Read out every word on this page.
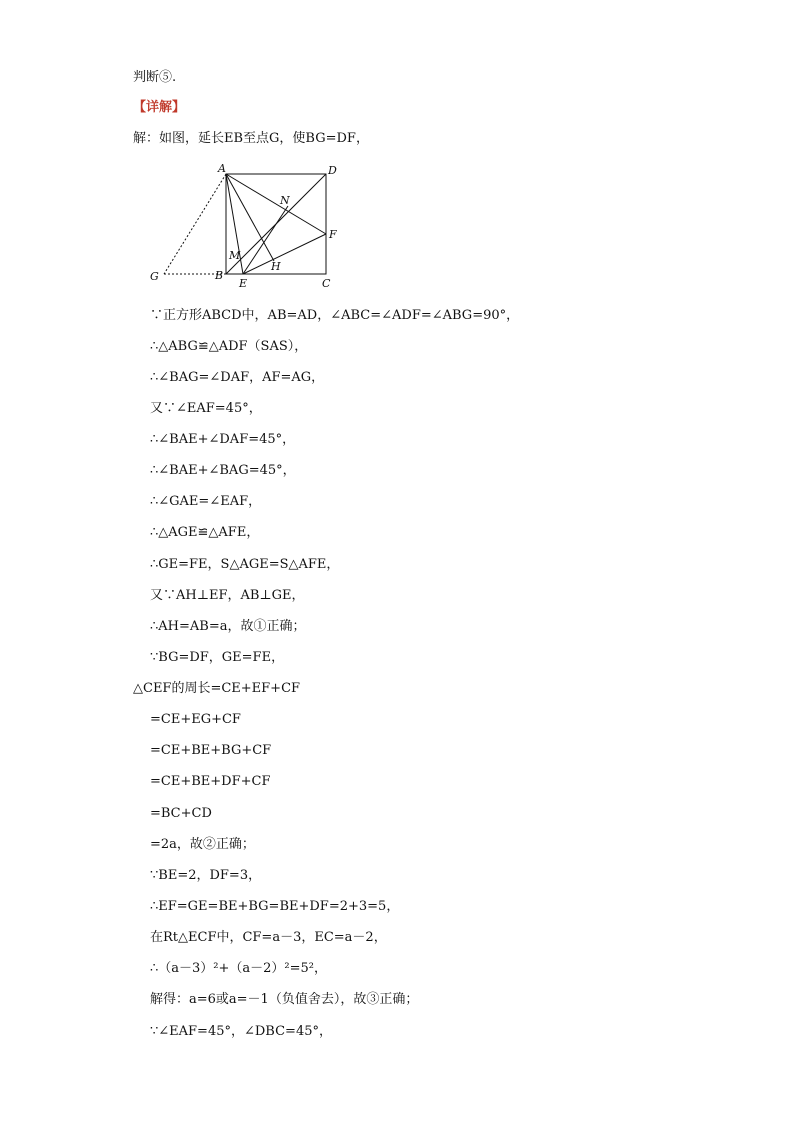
判断⑤.
【详解】
解：如图，延长EB至点G，使BG=DF，
A	D
N
F
M
H
G	B
E	C
∵正方形ABCD中，AB=AD，∠ABC=∠ADF=∠ABG=90°，
∴△ABG≌△ADF（SAS），
∴∠BAG=∠DAF，AF=AG，
又∵∠EAF=45°，
∴∠BAE+∠DAF=45°，
∴∠BAE+∠BAG=45°，
∴∠GAE=∠EAF，
∴△AGE≌△AFE，
∴GE=FE，S△AGE=S△AFE，
又∵AH⊥EF，AB⊥GE，
∴AH=AB=a，故①正确；
∵BG=DF，GE=FE，
△CEF的周长=CE+EF+CF
=CE+EG+CF
=CE+BE+BG+CF
=CE+BE+DF+CF
=BC+CD
=2a，故②正确；
∵BE=2，DF=3，
∴EF=GE=BE+BG=BE+DF=2+3=5，
在Rt△ECF中，CF=a－3，EC=a－2，
∴（a－3）²+（a－2）²=5²，
解得：a=6或a=－1（负值舍去），故③正确；
∵∠EAF=45°，∠DBC=45°，
